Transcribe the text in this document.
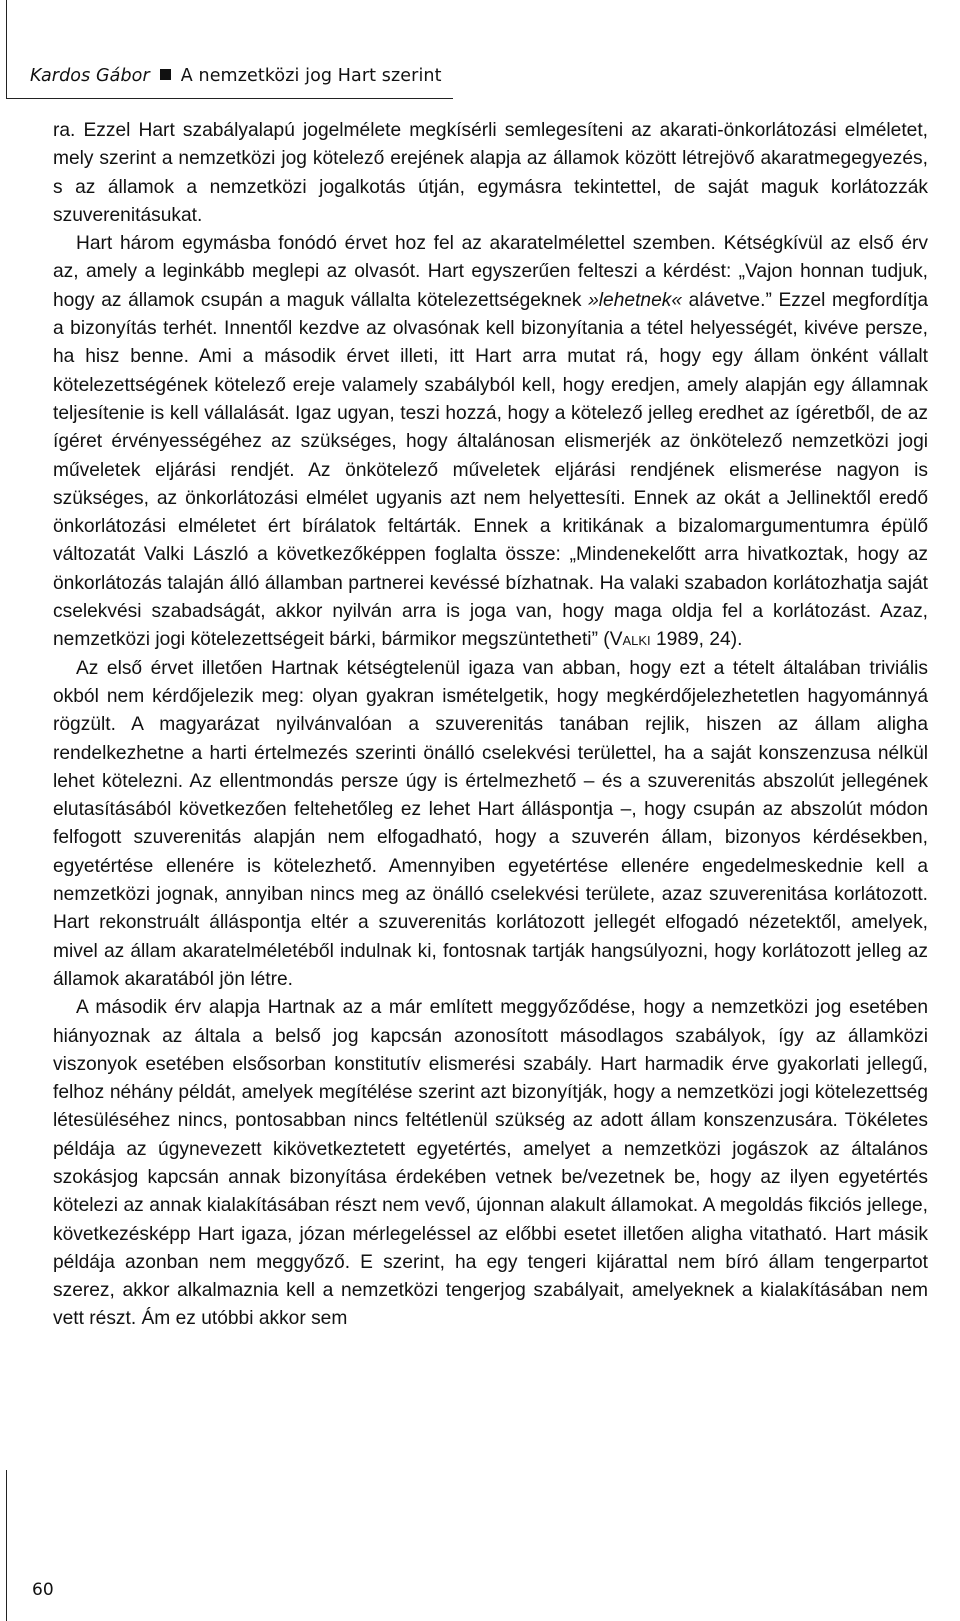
Kardos Gábor A nemzetközi jog Hart szerint

ra. Ezzel Hart szabályalapú jogelmélete megkísérli semlegesíteni az akarati-önkorlátozási elméletet, mely szerint a nemzetközi jog kötelező erejének alapja az államok között létrejövő akaratmegegyezés, s az államok a nemzetközi jogalkotás útján, egymásra tekintettel, de saját maguk korlátozzák szuverenitásukat.

Hart három egymásba fonódó érvet hoz fel az akaratelmélettel szemben. Kétségkívül az első érv az, amely a leginkább meglepi az olvasót. Hart egyszerűen felteszi a kérdést: „Vajon honnan tudjuk, hogy az államok csupán a maguk vállalta kötelezettségeknek »lehetnek« alávetve.” Ezzel megfordítja a bizonyítás terhét. Innentől kezdve az olvasónak kell bizonyítania a tétel helyességét, kivéve persze, ha hisz benne. Ami a második érvet illeti, itt Hart arra mutat rá, hogy egy állam önként vállalt kötelezettségének kötelező ereje valamely szabályból kell, hogy eredjen, amely alapján egy államnak teljesítenie is kell vállalását. Igaz ugyan, teszi hozzá, hogy a kötelező jelleg eredhet az ígéretből, de az ígéret érvényességéhez az szükséges, hogy általánosan elismerjék az önkötelező nemzetközi jogi műveletek eljárási rendjét. Az önkötelező műveletek eljárási rendjének elismerése nagyon is szükséges, az önkorlátozási elmélet ugyanis azt nem helyettesíti. Ennek az okát a Jellinektől eredő önkorlátozási elméletet ért bírálatok feltárták. Ennek a kritikának a bizalomargumentumra épülő változatát Valki László a következőképpen foglalta össze: „Mindenekelőtt arra hivatkoztak, hogy az önkorlátozás talaján álló államban partnerei kevéssé bízhatnak. Ha valaki szabadon korlátozhatja saját cselekvési szabadságát, akkor nyilván arra is joga van, hogy maga oldja fel a korlátozást. Azaz, nemzetközi jogi kötelezettségeit bárki, bármikor megszüntetheti” (Valki 1989, 24).

Az első érvet illetően Hartnak kétségtelenül igaza van abban, hogy ezt a tételt általában triviális okból nem kérdőjelezik meg: olyan gyakran ismételgetik, hogy megkérdőjelezhetetlen hagyománnyá rögzült. A magyarázat nyilvánvalóan a szuverenitás tanában rejlik, hiszen az állam aligha rendelkezhetne a harti értelmezés szerinti önálló cselekvési területtel, ha a saját konszenzusa nélkül lehet kötelezni. Az ellentmondás persze úgy is értelmezhető – és a szuverenitás abszolút jellegének elutasításából következően feltehetőleg ez lehet Hart álláspontja –, hogy csupán az abszolút módon felfogott szuverenitás alapján nem elfogadható, hogy a szuverén állam, bizonyos kérdésekben, egyetértése ellenére is kötelezhető. Amennyiben egyetértése ellenére engedelmeskednie kell a nemzetközi jognak, annyiban nincs meg az önálló cselekvési területe, azaz szuverenitása korlátozott. Hart rekonstruált álláspontja eltér a szuverenitás korlátozott jellegét elfogadó nézetektől, amelyek, mivel az állam akaratelméletéből indulnak ki, fontosnak tartják hangsúlyozni, hogy korlátozott jelleg az államok akaratából jön létre.

A második érv alapja Hartnak az a már említett meggyőződése, hogy a nemzetközi jog esetében hiányoznak az általa a belső jog kapcsán azonosított másodlagos szabályok, így az államközi viszonyok esetében elsősorban konstitutív elismerési szabály. Hart harmadik érve gyakorlati jellegű, felhoz néhány példát, amelyek megítélése szerint azt bizonyítják, hogy a nemzetközi jogi kötelezettség létesüléséhez nincs, pontosabban nincs feltétlenül szükség az adott állam konszenzusára. Tökéletes példája az úgynevezett kikövetkeztetett egyetértés, amelyet a nemzetközi jogászok az általános szokásjog kapcsán annak bizonyítása érdekében vetnek be/vezetnek be, hogy az ilyen egyetértés kötelezi az annak kialakításában részt nem vevő, újonnan alakult államokat. A megoldás fikciós jellege, következésképp Hart igaza, józan mérlegeléssel az előbbi esetet illetően aligha vitatható. Hart másik példája azonban nem meggyőző. E szerint, ha egy tengeri kijárattal nem bíró állam tengerpartot szerez, akkor alkalmaznia kell a nemzetközi tengerjog szabályait, amelyeknek a kialakításában nem vett részt. Ám ez utóbbi akkor sem

60
